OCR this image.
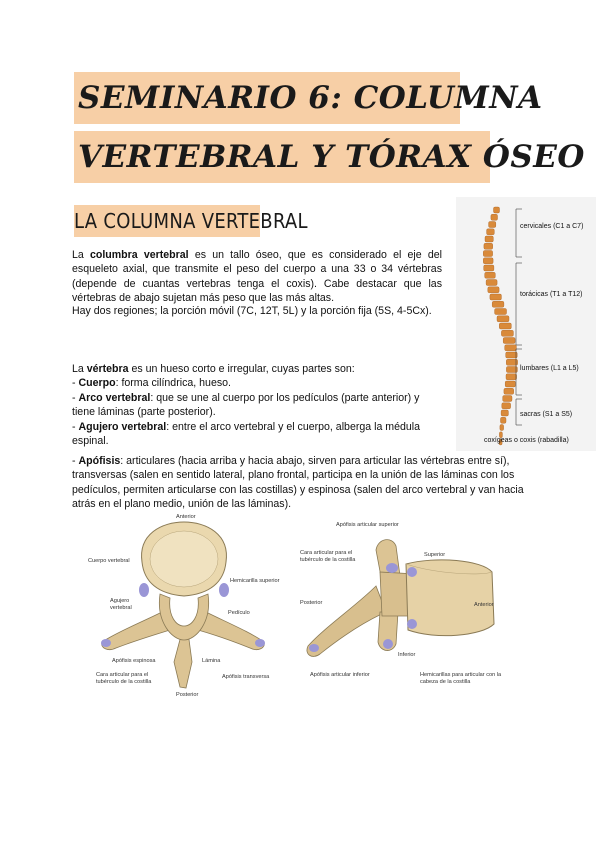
SEMINARIO 6: COLUMNA
VERTEBRAL Y TÓRAX ÓSEO
LA COLUMNA VERTEBRAL
La columbra vertebral es un tallo óseo, que es considerado el eje del esqueleto axial, que transmite el peso del cuerpo a una 33 o 34 vértebras (depende de cuantas vertebras tenga el coxis). Cabe destacar que las vértebras de abajo sujetan más peso que las más altas.
Hay dos regiones; la porción móvil (7C, 12T, 5L) y la porción fija (5S, 4-5Cx).
La vértebra es un hueso corto e irregular, cuyas partes son:
- Cuerpo: forma cilíndrica, hueso.
- Arco vertebral: que se une al cuerpo por los pedículos (parte anterior) y tiene láminas (parte posterior).
- Agujero vertebral: entre el arco vertebral y el cuerpo, alberga la médula espinal.
- Apófisis: articulares (hacia arriba y hacia abajo, sirven para articular las vértebras entre sí), transversas (salen en sentido lateral, plano frontal, participa en la unión de las láminas con los pedículos, permiten articularse con las costillas) y espinosa (salen del arco vertebral y van hacia atrás en el plano medio, unión de las láminas).
cervicales (C1 a C7)
torácicas (T1 a T12)
lumbares (L1 a L5)
sacras (S1 a S5)
coxígeas o coxis (rabadilla)
Anterior
Cuerpo vertebral
Hemicarilla superior
Agujero vertebral
Pedículo
Apófisis espinosa	Lámina
Cara articular para el tubérculo de la costilla
Apófisis transversa
Posterior
Apófisis articular superior
Cara articular para el tubérculo de la costilla
Superior
Posterior	Anterior
Inferior
Apófisis articular inferior	Hemicarillas para articular con la cabeza de la costilla
